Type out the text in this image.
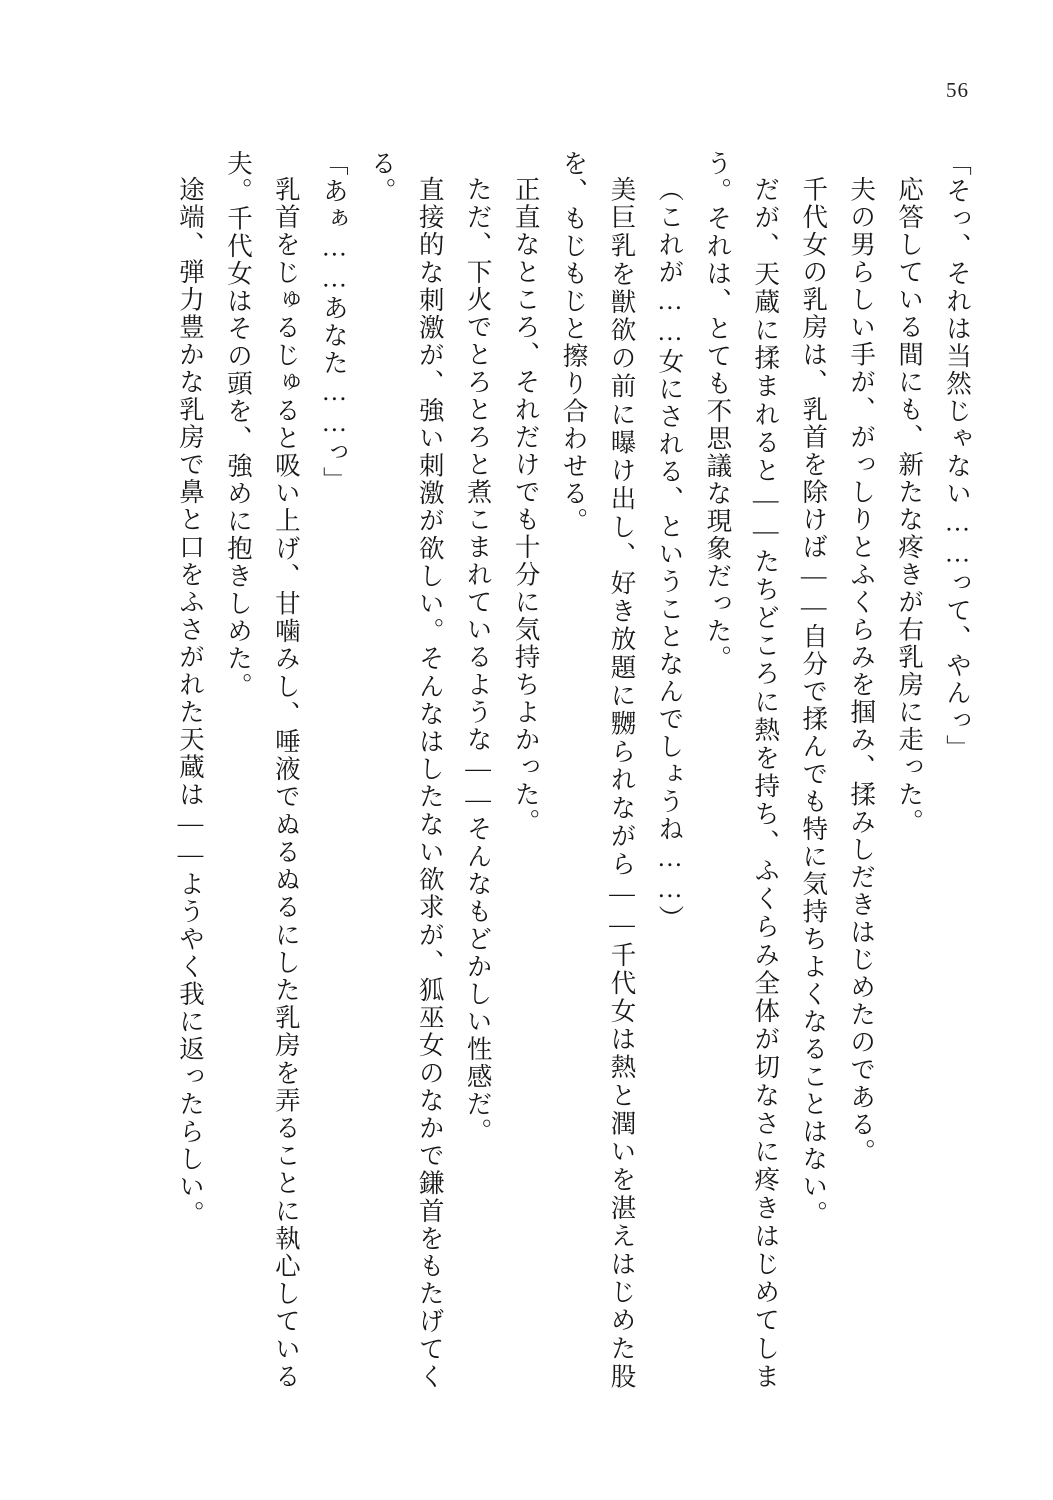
56

「そっ、それは当然じゃない……って、やんっ」

応答している間にも、新たな疼きが右乳房に走った。

夫の男らしい手が、がっしりとふくらみを掴み、揉みしだきはじめたのである。

千代女の乳房は、乳首を除けば——自分で揉んでも特に気持ちよくなることはない。

だが、天蔵に揉まれると——たちどころに熱を持ち、ふくらみ全体が切なさに疼きはじめてしまう。それは、とても不思議な現象だった。

（これが……女にされる、ということなんでしょうね……）

美巨乳を獣欲の前に曝け出し、好き放題に嬲られながら——千代女は熱と潤いを湛えはじめた股を、もじもじと擦り合わせる。

正直なところ、それだけでも十分に気持ちよかった。

ただ、下火でとろとろと煮こまれているような——そんなもどかしい性感だ。

直接的な刺激が、強い刺激が欲しい。そんなはしたない欲求が、狐巫女のなかで鎌首をもたげてくる。

「あぁ……あなた……っ」

乳首をじゅるじゅると吸い上げ、甘噛みし、唾液でぬるぬるにした乳房を弄ることに執心している夫。千代女はその頭を、強めに抱きしめた。

途端、弾力豊かな乳房で鼻と口をふさがれた天蔵は——ようやく我に返ったらしい。
